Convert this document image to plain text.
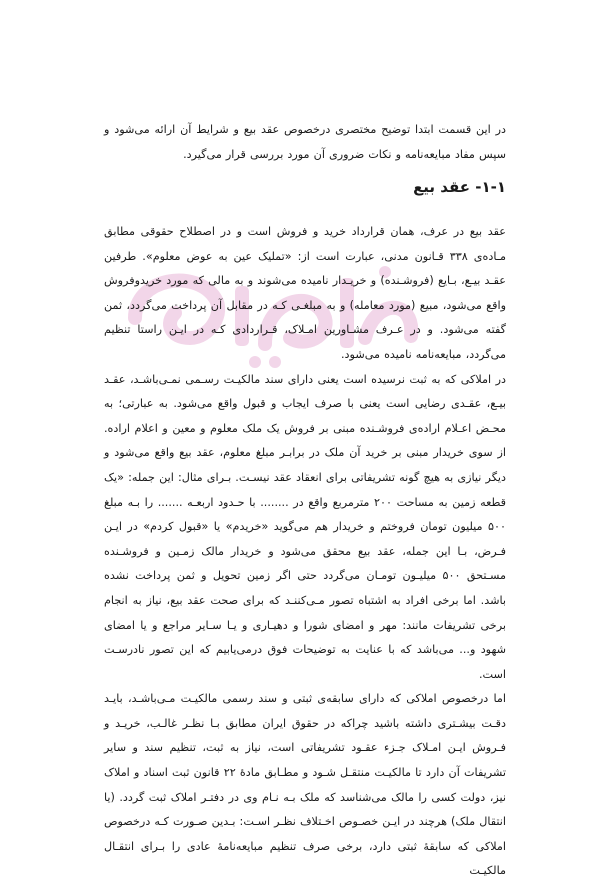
در این قسمت ابتدا توضیح مختصری درخصوص عقد بیع و شرایط آن ارائه می‌شود و سپس مفاد مبایعه‌نامه و نکات ضروری آن مورد بررسی قرار می‌گیرد.

۱-۱- عقد بیع

عقد بیع در عرف، همان قرارداد خرید و فروش است و در اصطلاح حقوقی مطابق مـاده‌ی ۳۳۸ قـانون مدنی، عبارت است از: «تملیک عین به عوض معلوم». طرفین عقـد بیـع، بـایع (فروشـنده) و خریـدار نامیده می‌شوند و به مالی که مورد خریدوفروش واقع می‌شود، مبیع (مورد معامله) و به مبلغـی کـه در مقابل آن پرداخت می‌گردد، ثمن گفته می‌شود. و در عـرف مشـاورین امـلاک، قـراردادی کـه در ایـن راستا تنظیم می‌گردد، مبایعه‌نامه نامیده می‌شود.

در املاکی که به ثبت نرسیده است یعنی دارای سند مالکیـت رسـمی نمـی‌باشـد، عقـد بیـع، عقـدی رضایی است یعنی با صرف ایجاب و قبول واقع می‌شود. به عبارتی؛ به محـض اعـلام اراده‌ی فروشـنده مبنی بر فروش یک ملک معلوم و معین و اعلام اراده. از سوی خریدار مبنی بر خرید آن ملک در برابـر مبلغ معلوم، عقد بیع واقع می‌شود و دیگر نیازی به هیچ گونه تشریفاتی برای انعقاد عقد نیسـت. بـرای مثال: این جمله: «یک قطعه زمین به مساحت ۲۰۰ مترمربع واقع در ........ با حـدود اربعـه ....... را بـه مبلغ ۵۰۰ میلیون تومان فروختم و خریدار هم می‌گوید «خریدم» یا «قبول کردم» در ایـن فـرض، بـا این جمله، عقد بیع محقق می‌شود و خریدار مالک زمـین و فروشـنده مسـتحق ۵۰۰ میلیـون تومـان می‌گردد حتی اگر زمین تحویل و ثمن پرداخت نشده باشد. اما برخی افراد به اشتباه تصور مـی‌کننـد که برای صحت عقد بیع، نیاز به انجام برخی تشریفات مانند: مهر و امضای شورا و دهیـاری و یـا سـایر مراجع و یا امضای شهود و... می‌باشد که با عنایت به توضیحات فوق درمی‌یابیم که این تصور نادرسـت است.

اما درخصوص املاکی که دارای سابقه‌ی ثبتی و سند رسمی مالکیـت مـی‌باشـد، بایـد دقـت بیشـتری داشته باشید چراکه در حقوق ایران مطابق بـا نظـر غالـب، خریـد و فـروش ایـن امـلاک جـزء عقـود تشریفاتی است، نیاز به ثبت، تنظیم سند و سایر تشریفات آن دارد تا مالکیـت منتقـل شـود و مطـابق مادهٔ ۲۲ قانون ثبت اسناد و املاک نیز، دولت کسی را مالک می‌شناسد که ملک بـه نـام وی در دفتـر املاک ثبت گردد. (یا انتقال ملک) هرچند در ایـن خصـوص اخـتلاف نظـر اسـت: بـدین صـورت کـه درخصوص املاکی که سابقهٔ ثبتی دارد، برخی صرف تنظیم مبایعه‌نامهٔ عادی را بـرای انتقـال مالکیـت
